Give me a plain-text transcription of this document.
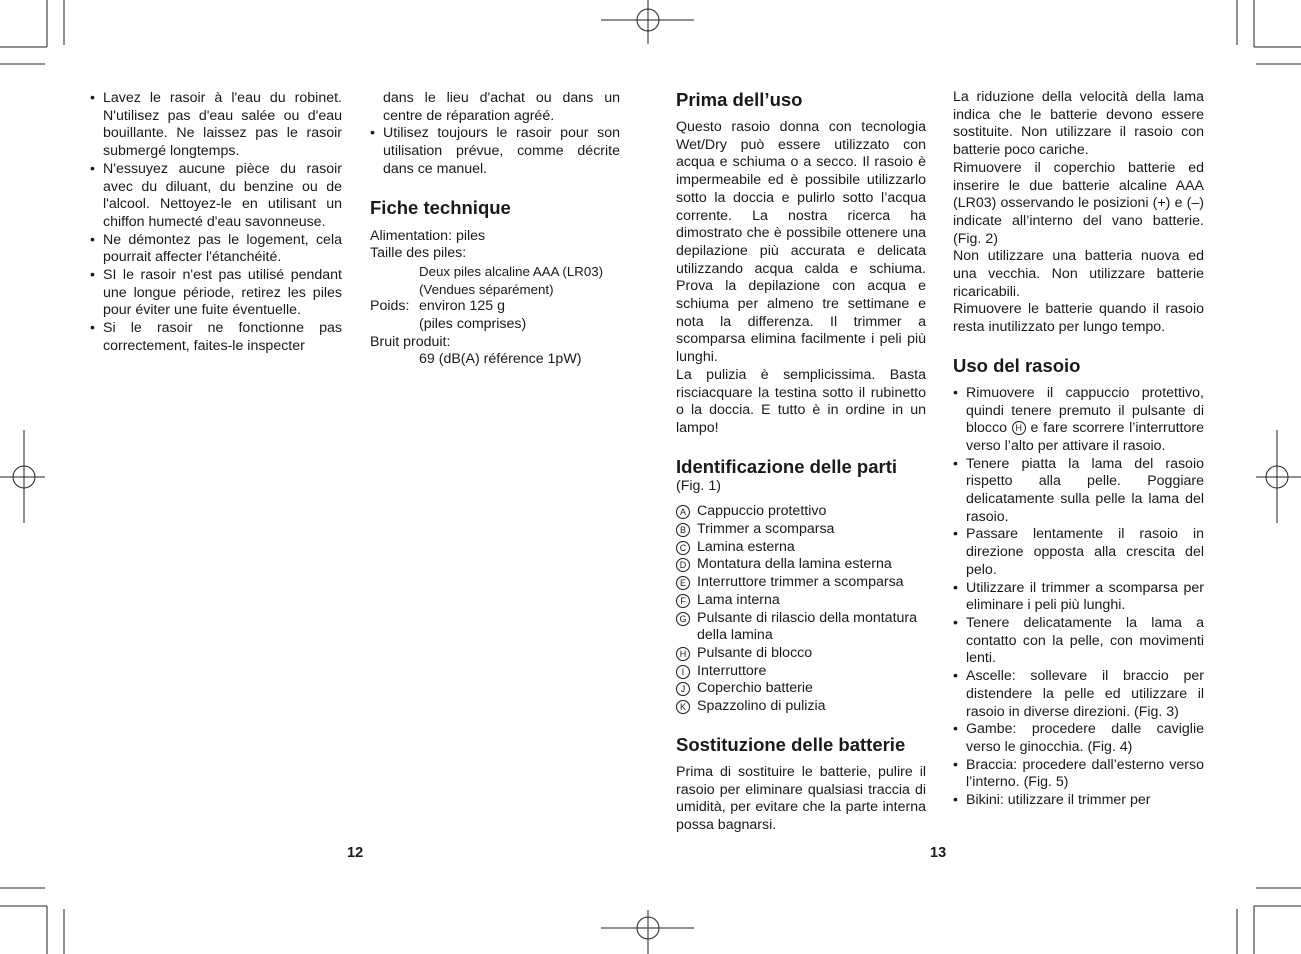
• Lavez le rasoir à l'eau du robinet. N'utilisez pas d'eau salée ou d'eau bouillante. Ne laissez pas le rasoir submergé longtemps.
• N'essuyez aucune pièce du rasoir avec du diluant, du benzine ou de l'alcool. Nettoyez-le en utilisant un chiffon humecté d'eau savonneuse.
• Ne démontez pas le logement, cela pourrait affecter l'étanchéité.
• SI le rasoir n'est pas utilisé pendant une longue période, retirez les piles pour éviter une fuite éventuelle.
• Si le rasoir ne fonctionne pas correctement, faites-le inspecter

dans le lieu d'achat ou dans un centre de réparation agréé.

• Utilisez toujours le rasoir pour son utilisation prévue, comme décrite dans ce manuel.
Fiche technique
Alimentation: piles
Taille des piles:
Deux piles alcaline AAA (LR03)
(Vendues séparément)
Poids: environ 125 g
(piles comprises)
Bruit produit:
69 (dB(A) référence 1pW)
12
Prima dell’uso

Questo rasoio donna con tecnologia Wet/Dry può essere utilizzato con acqua e schiuma o a secco. Il rasoio è impermeabile ed è possibile utilizzarlo sotto la doccia e pulirlo sotto l’acqua corrente. La nostra ricerca ha dimostrato che è possibile ottenere una depilazione più accurata e delicata utilizzando acqua calda e schiuma. Prova la depilazione con acqua e schiuma per almeno tre settimane e nota la differenza. Il trimmer a scomparsa elimina facilmente i peli più lunghi.

La pulizia è semplicissima. Basta risciacquare la testina sotto il rubinetto o la doccia. E tutto è in ordine in un lampo!

Identificazione delle parti
(Fig. 1)
A Cappuccio protettivo
B Trimmer a scomparsa
C Lamina esterna
D Montatura della lamina esterna
E Interruttore trimmer a scomparsa
F Lama interna
G Pulsante di rilascio della montatura della lamina
H Pulsante di blocco
I Interruttore
J Coperchio batterie
K Spazzolino di pulizia
Sostituzione delle batterie

Prima di sostituire le batterie, pulire il rasoio per eliminare qualsiasi traccia di umidità, per evitare che la parte interna possa bagnarsi.

La riduzione della velocità della lama indica che le batterie devono essere sostituite. Non utilizzare il rasoio con batterie poco cariche.

Rimuovere il coperchio batterie ed inserire le due batterie alcaline AAA (LR03) osservando le posizioni (+) e (–) indicate all’interno del vano batterie. (Fig. 2)

Non utilizzare una batteria nuova ed una vecchia. Non utilizzare batterie ricaricabili.

Rimuovere le batterie quando il rasoio resta inutilizzato per lungo tempo.

Uso del rasoio
• Rimuovere il cappuccio protettivo, quindi tenere premuto il pulsante di blocco H e fare scorrere l’interruttore verso l’alto per attivare il rasoio.
• Tenere piatta la lama del rasoio rispetto alla pelle. Poggiare delicatamente sulla pelle la lama del rasoio.
• Passare lentamente il rasoio in direzione opposta alla crescita del pelo.
• Utilizzare il trimmer a scomparsa per eliminare i peli più lunghi.
• Tenere delicatamente la lama a contatto con la pelle, con movimenti lenti.
• Ascelle: sollevare il braccio per distendere la pelle ed utilizzare il rasoio in diverse direzioni. (Fig. 3)
• Gambe: procedere dalle caviglie verso le ginocchia. (Fig. 4)
• Braccia: procedere dall’esterno verso l’interno. (Fig. 5)
• Bikini: utilizzare il trimmer per
13
